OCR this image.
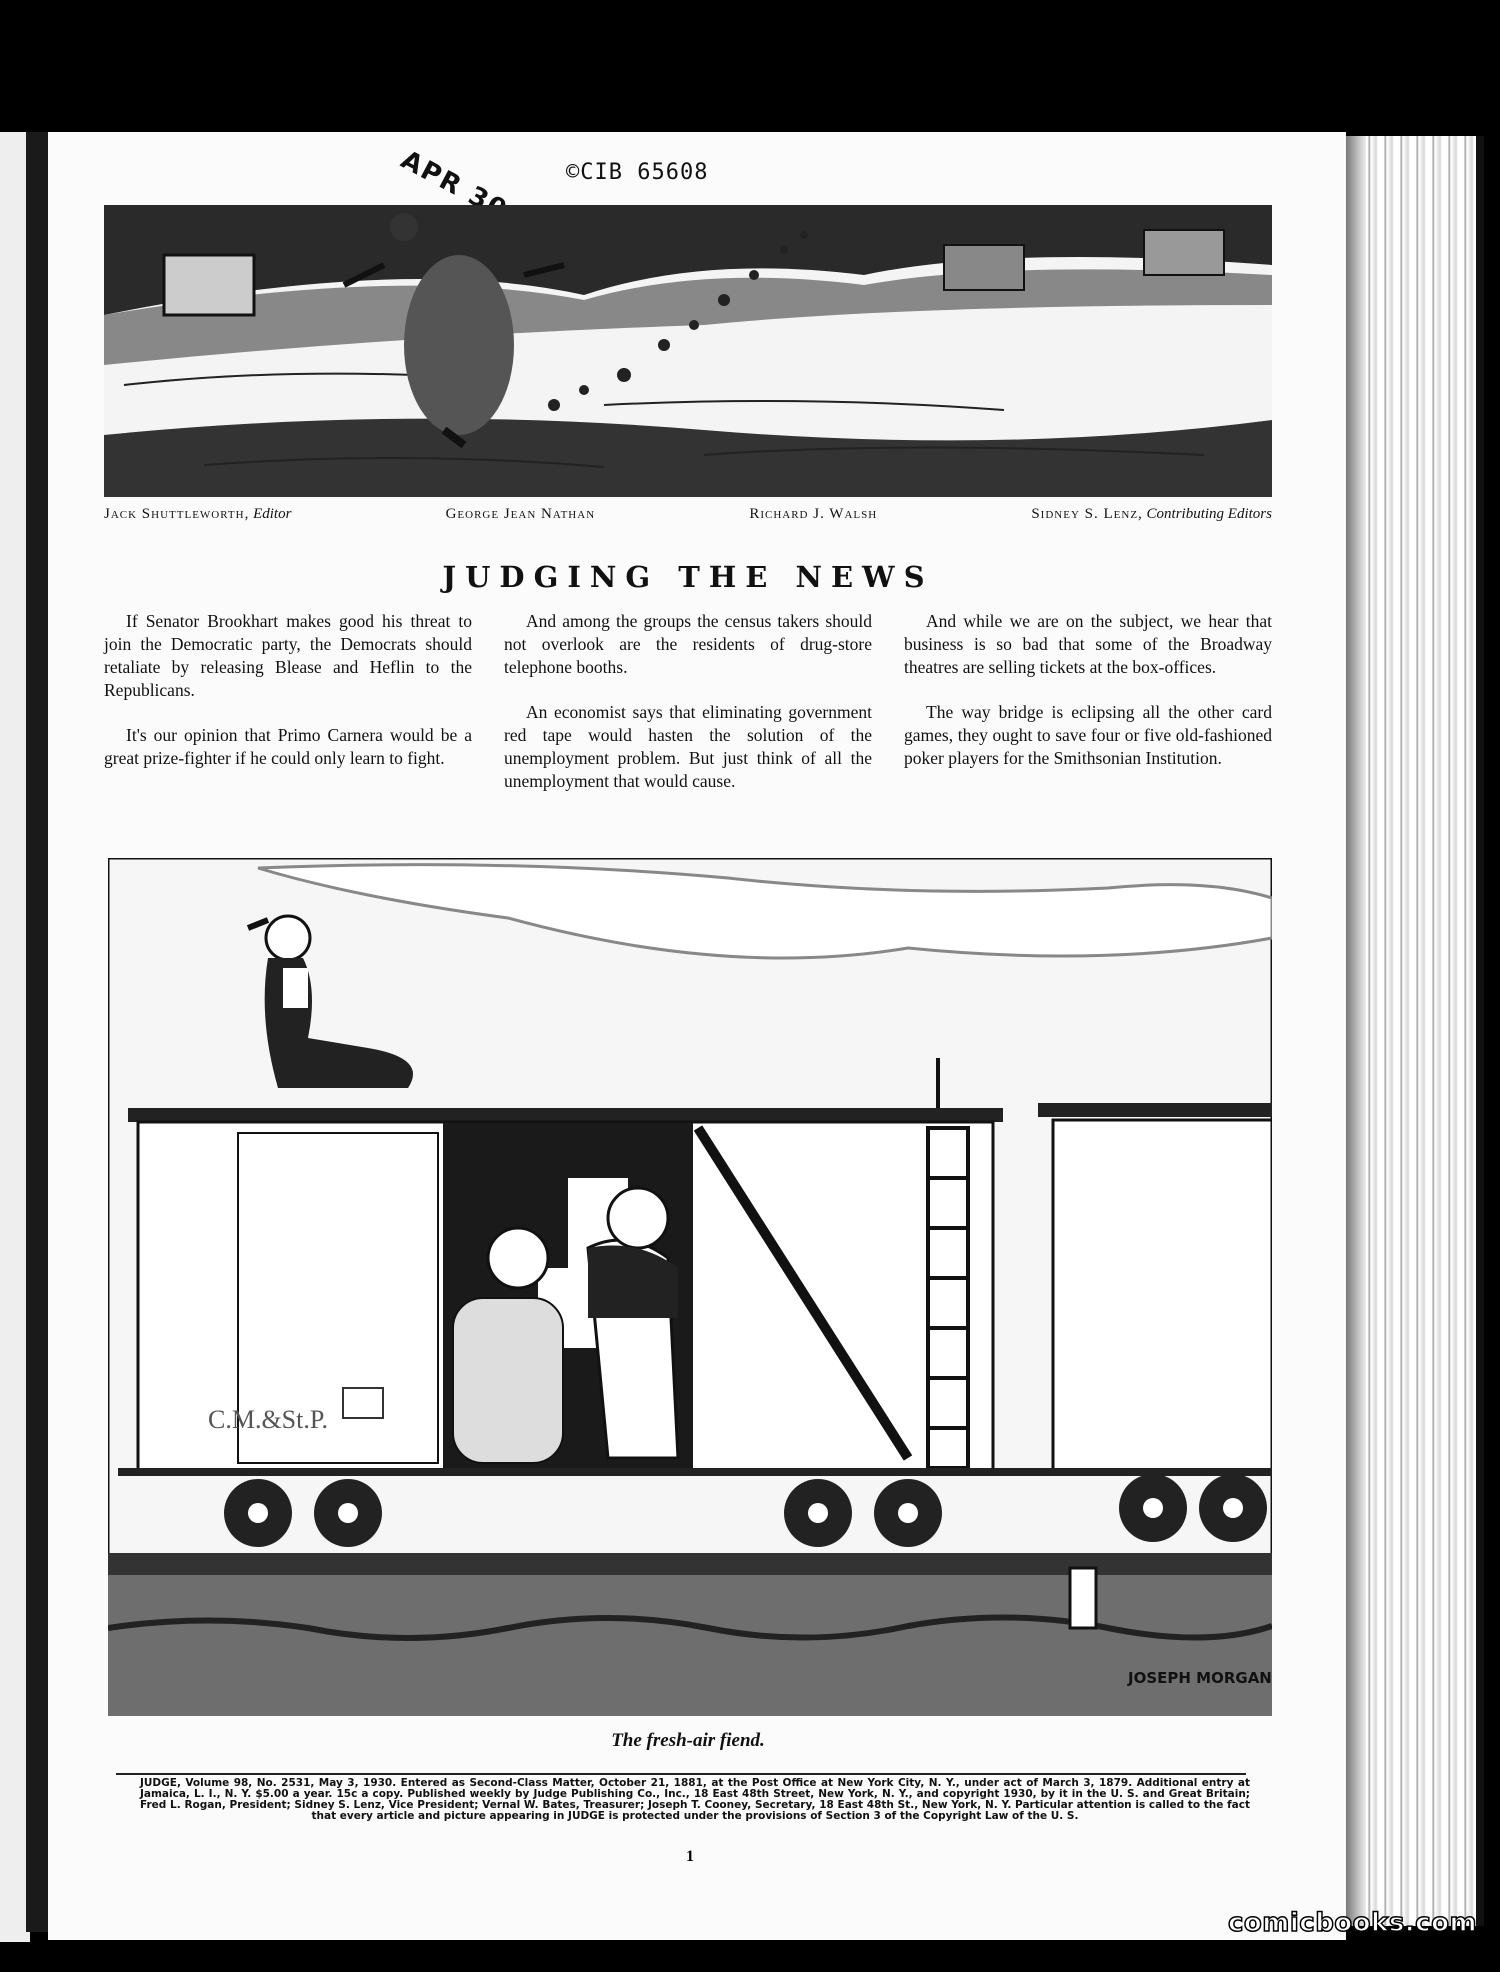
©CIB 65608
Jack Shuttleworth, Editor	George Jean Nathan	Richard J. Walsh	Sidney S. Lenz, Contributing Editors
JUDGING THE NEWS

If Senator Brookhart makes good his threat to join the Democratic party, the Democrats should retaliate by releasing Blease and Heflin to the Republicans.

It's our opinion that Primo Carnera would be a great prize-fighter if he could only learn to fight.

And among the groups the census takers should not overlook are the residents of drug-store telephone booths.

An economist says that eliminating government red tape would hasten the solution of the unemployment problem. But just think of all the unemployment that would cause.

And while we are on the subject, we hear that business is so bad that some of the Broadway theatres are selling tickets at the box-offices.

The way bridge is eclipsing all the other card games, they ought to save four or five old-fashioned poker players for the Smithsonian Institution.

C.M.&St.P.
JOSEPH MORGAN
The fresh-air fiend.
JUDGE, Volume 98, No. 2531, May 3, 1930. Entered as Second-Class Matter, October 21, 1881, at the Post Office at New York City, N. Y., under act of March 3, 1879. Additional entry at Jamaica, L. I., N. Y. $5.00 a year. 15c a copy. Published weekly by Judge Publishing Co., Inc., 18 East 48th Street, New York, N. Y., and copyright 1930, by it in the U. S. and Great Britain; Fred L. Rogan, President; Sidney S. Lenz, Vice President; Vernal W. Bates, Treasurer; Joseph T. Cooney, Secretary, 18 East 48th St., New York, N. Y. Particular attention is called to the fact that every article and picture appearing in JUDGE is protected under the provisions of Section 3 of the Copyright Law of the U. S.
1
comicbooks.com
